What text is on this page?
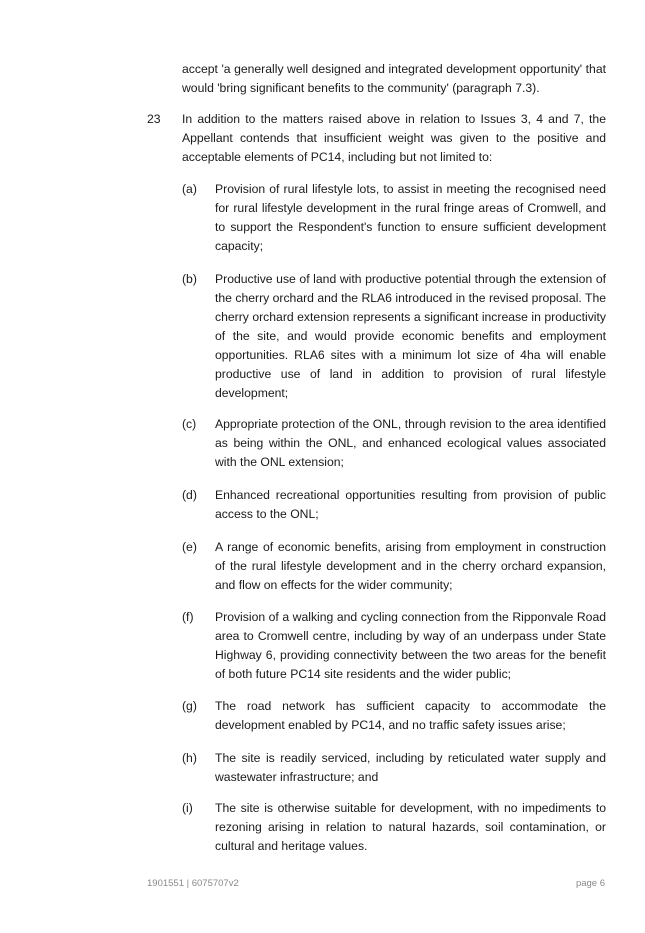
accept 'a generally well designed and integrated development opportunity' that would 'bring significant benefits to the community' (paragraph 7.3).

23 In addition to the matters raised above in relation to Issues 3, 4 and 7, the Appellant contends that insufficient weight was given to the positive and acceptable elements of PC14, including but not limited to:

(a) Provision of rural lifestyle lots, to assist in meeting the recognised need for rural lifestyle development in the rural fringe areas of Cromwell, and to support the Respondent's function to ensure sufficient development capacity;

(b) Productive use of land with productive potential through the extension of the cherry orchard and the RLA6 introduced in the revised proposal. The cherry orchard extension represents a significant increase in productivity of the site, and would provide economic benefits and employment opportunities. RLA6 sites with a minimum lot size of 4ha will enable productive use of land in addition to provision of rural lifestyle development;

(c) Appropriate protection of the ONL, through revision to the area identified as being within the ONL, and enhanced ecological values associated with the ONL extension;

(d) Enhanced recreational opportunities resulting from provision of public access to the ONL;

(e) A range of economic benefits, arising from employment in construction of the rural lifestyle development and in the cherry orchard expansion, and flow on effects for the wider community;

(f) Provision of a walking and cycling connection from the Ripponvale Road area to Cromwell centre, including by way of an underpass under State Highway 6, providing connectivity between the two areas for the benefit of both future PC14 site residents and the wider public;

(g) The road network has sufficient capacity to accommodate the development enabled by PC14, and no traffic safety issues arise;

(h) The site is readily serviced, including by reticulated water supply and wastewater infrastructure; and

(i) The site is otherwise suitable for development, with no impediments to rezoning arising in relation to natural hazards, soil contamination, or cultural and heritage values.

1901551 | 6075707v2	page 6
